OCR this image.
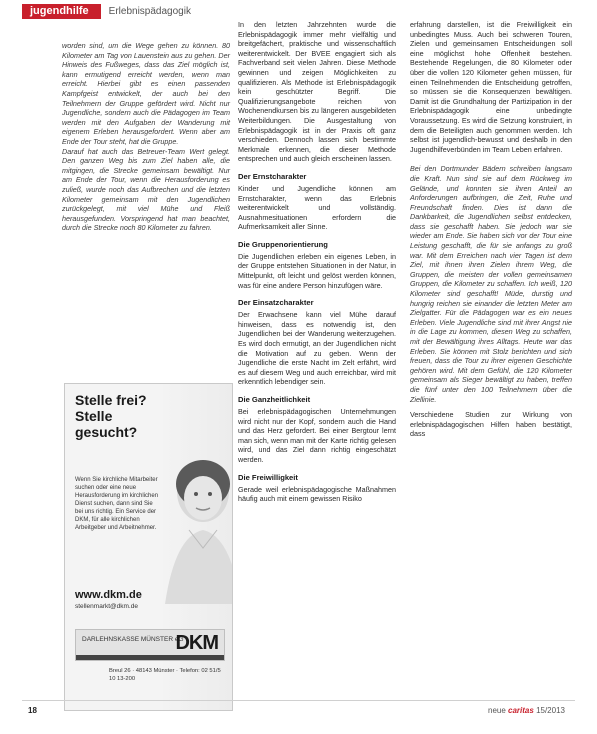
jugendhilfe	Erlebnispädagogik

worden sind, um die Wege gehen zu können. 80 Kilometer am Tag von Lauenstein aus zu gehen. Der Hinweis des Fußweges, dass das Ziel möglich ist, kann ermutigend erreicht werden, wenn man erreicht. Hierbei gibt es einen passenden Kampfgeist entwickelt, der auch bei den Teilnehmern der Gruppe gefördert wird. Nicht nur Jugendliche, sondern auch die Pädagogen im Team werden mit den Aufgaben der Wanderung mit eigenem Erleben herausgefordert. Wenn aber am Ende der Tour steht, hat die Gruppe.

Darauf hat auch das Betreuer-Team Wert gelegt. Den ganzen Weg bis zum Ziel haben alle, die mitgingen, die Strecke gemeinsam bewältigt. Nur am Ende der Tour, wenn die Herausforderung es zuließ, wurde noch das Aufbrechen und die letzten Kilometer gemeinsam mit den Jugendlichen zurückgelegt, mit viel Mühe und Fleiß herausgefunden. Vorspringend hat man beachtet, durch die Strecke noch 80 Kilometer zu fahren.

Stelle frei? Stelle gesucht?
Wenn Sie kirchliche Mitarbeiter suchen oder eine neue Herausforderung im kirchlichen Dienst suchen, dann sind Sie bei uns richtig. Ein Service der DKM, für alle kirchlichen Arbeitgeber und Arbeitnehmer.
www.dkm.de
stellenmarkt@dkm.de
DARLEHNSKASSE MÜNSTER eG
DKM
Breul 26 · 48143 Münster · Telefon: 02 51/5 10 13-200

In den letzten Jahrzehnten wurde die Erlebnispädagogik immer mehr vielfältig und breitgefächert, praktische und wissenschaftlich weiterentwickelt. Der BVEE engagiert sich als Fachverband seit vielen Jahren. Diese Methode gewinnen und zeigen Möglichkeiten zu qualifizieren. Als Methode ist Erlebnispädagogik kein geschützter Begriff. Die Qualifizierungsangebote reichen von Wochenendkursen bis zu längeren ausgebildeten Weiterbildungen. Die Ausgestaltung von Erlebnispädagogik ist in der Praxis oft ganz verschieden. Dennoch lassen sich bestimmte Merkmale erkennen, die dieser Methode entsprechen und auch gleich erscheinen lassen.

Der Ernstcharakter

Kinder und Jugendliche können am Ernstcharakter, wenn das Erlebnis weiterentwickelt und vollständig. Ausnahmesituationen erfordern die Aufmerksamkeit aller Sinne.

Die Gruppenorientierung

Die Jugendlichen erleben ein eigenes Leben, in der Gruppe entstehen Situationen in der Natur, in Mittelpunkt, oft leicht und gelöst werden können, was für eine andere Person hinzufügen wäre.

Der Einsatzcharakter

Der Erwachsene kann viel Mühe darauf hinweisen, dass es notwendig ist, den Jugendlichen bei der Wanderung weiterzugehen. Es wird doch ermutigt, an der Jugendlichen nicht die Motivation auf zu geben. Wenn der Jugendliche die erste Nacht im Zelt erfährt, wird es auf diesem Weg und auch erreichbar, wird mit erkenntlich lebendiger sein.

Die Ganzheitlichkeit

Bei erlebnispädagogischen Unternehmungen wird nicht nur der Kopf, sondern auch die Hand und das Herz gefordert. Bei einer Bergtour lernt man sich, wenn man mit der Karte richtig gelesen wird, und das Ziel dann richtig eingeschätzt werden.

Die Freiwilligkeit

Gerade weil erlebnispädagogische Maßnahmen häufig auch mit einem gewissen Risiko

erfahrung darstellen, ist die Freiwilligkeit ein unbedingtes Muss. Auch bei schweren Touren, Zielen und gemeinsamen Entscheidungen soll eine möglichst hohe Offenheit bestehen. Bestehende Regelungen, die 80 Kilometer oder über die vollen 120 Kilometer gehen müssen, für einen Teilnehmenden die Entscheidung getroffen, so müssen sie die Konsequenzen bewältigen. Damit ist die Grundhaltung der Partizipation in der Erlebnispädagogik eine unbedingte Voraussetzung. Es wird die Setzung konstruiert, in dem die Beteiligten auch genommen werden. Ich selbst ist jugendlich-bewusst und deshalb in den Jugendhilfeverbünden im Team Leben erfahren.

Bei den Dortmunder Bädern schreiben langsam die Kraft. Nun sind sie auf dem Rückweg im Gelände, und konnten sie ihren Anteil an Anforderungen aufbringen, die Zeit, Ruhe und Freundschaft finden. Dies ist dann die Dankbarkeit, die Jugendlichen selbst entdecken, dass sie geschafft haben. Sie jedoch war sie wieder am Ende. Sie haben sich vor der Tour eine Leistung geschafft, die für sie anfangs zu groß war. Mit dem Erreichen nach vier Tagen ist dem Ziel, mit ihnen ihren Zielen ihrem Weg, die Gruppen, die meisten der vollen gemeinsamen Gruppen, die Kilometer zu schaffen. Ich weiß, 120 Kilometer sind geschafft! Müde, durstig und hungrig reichen sie einander die letzten Meter am Zielgatter. Für die Pädagogen war es ein neues Erleben. Viele Jugendliche sind mit ihrer Angst nie in die Lage zu kommen, diesen Weg zu schaffen, mit der Bewältigung ihres Alltags. Heute war das Erleben. Sie können mit Stolz berichten und sich freuen, dass die Tour zu ihrer eigenen Geschichte gehören wird. Mit dem Gefühl, die 120 Kilometer gemeinsam als Sieger bewältigt zu haben, treffen die fünf unter den 100 Teilnehmern über die Ziellinie.

Verschiedene Studien zur Wirkung von erlebnispädagogischen Hilfen haben bestätigt, dass

18	neue caritas 15/2013
